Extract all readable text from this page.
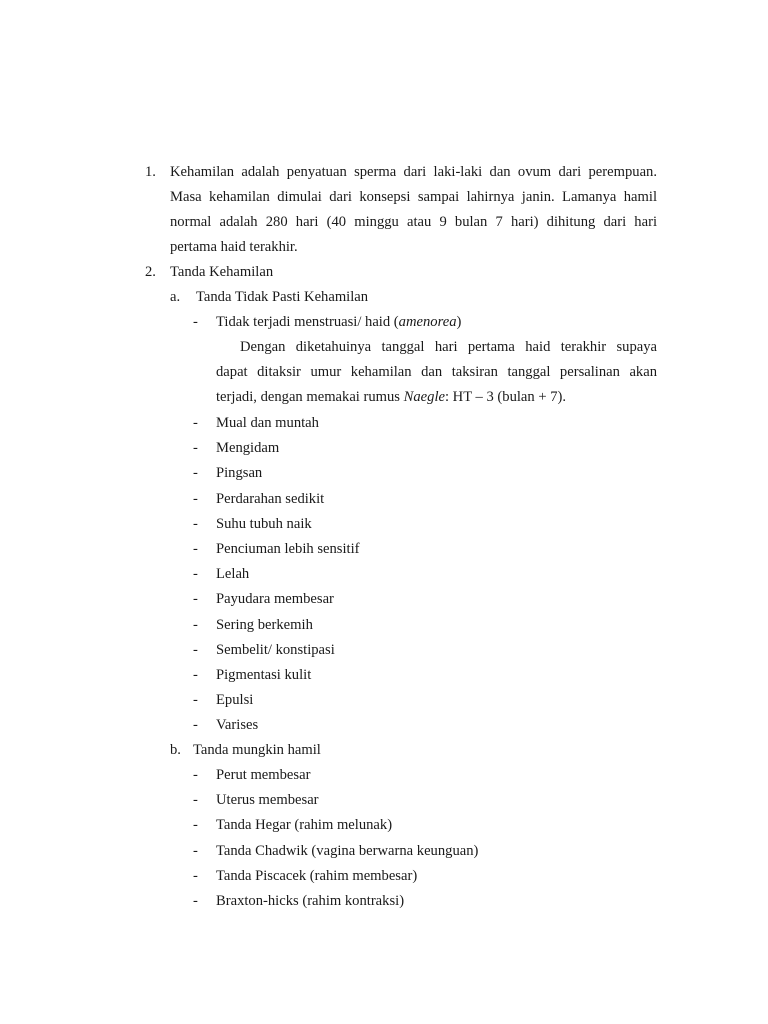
1. Kehamilan adalah penyatuan sperma dari laki-laki dan ovum dari perempuan.
Masa kehamilan dimulai dari konsepsi sampai lahirnya janin. Lamanya hamil
normal adalah 280 hari (40 minggu atau 9 bulan 7 hari) dihitung dari hari
pertama haid terakhir.
2. Tanda Kehamilan
a. Tanda Tidak Pasti Kehamilan
- Tidak terjadi menstruasi/ haid (amenorea)
Dengan diketahuinya tanggal hari pertama haid terakhir supaya
dapat ditaksir umur kehamilan dan taksiran tanggal persalinan akan
terjadi, dengan memakai rumus Naegle: HT – 3 (bulan + 7).
- Mual dan muntah
- Mengidam
- Pingsan
- Perdarahan sedikit
- Suhu tubuh naik
- Penciuman lebih sensitif
- Lelah
- Payudara membesar
- Sering berkemih
- Sembelit/ konstipasi
- Pigmentasi kulit
- Epulsi
- Varises
b. Tanda mungkin hamil
- Perut membesar
- Uterus membesar
- Tanda Hegar (rahim melunak)
- Tanda Chadwik (vagina berwarna keunguan)
- Tanda Piscacek (rahim membesar)
- Braxton-hicks (rahim kontraksi)
